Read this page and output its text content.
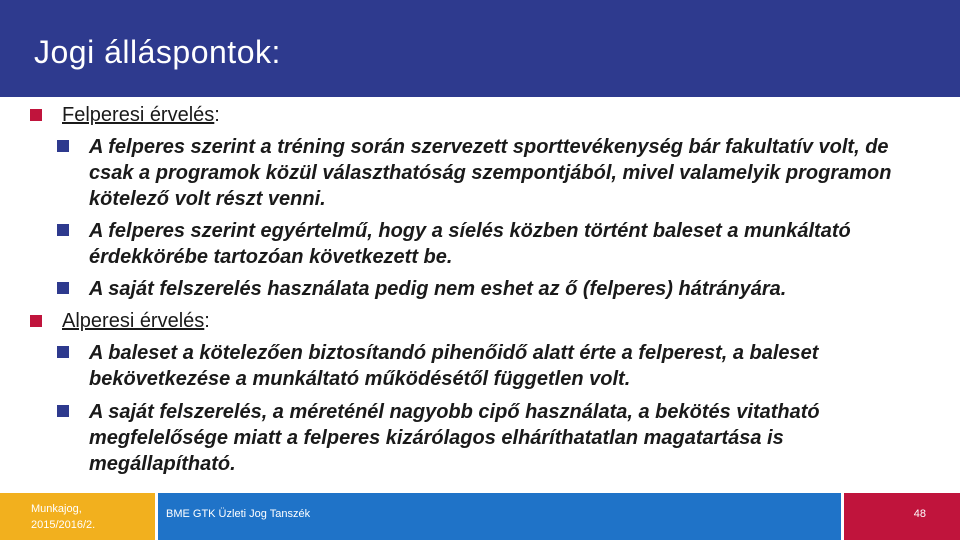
Jogi álláspontok:
Felperesi érvelés:
A felperes szerint a tréning során szervezett sporttevékenység bár fakultatív volt, de csak a programok közül választhatóság szempontjából, mivel valamelyik programon kötelező volt részt venni.
A felperes szerint egyértelmű, hogy a síelés közben történt baleset a munkáltató érdekkörébe tartozóan következett be.
A saját felszerelés használata pedig nem eshet az ő (felperes) hátrányára.
Alperesi érvelés:
A baleset a kötelezően biztosítandó pihenőidő alatt érte a felperest, a baleset bekövetkezése a munkáltató működésétől független volt.
A saját felszerelés, a méreténél nagyobb cipő használata, a bekötés vitatható megfelelősége miatt a felperes kizárólagos elháríthatatlan magatartása is megállapítható.
Munkajog, 2015/2016/2.
BME GTK Üzleti Jog Tanszék	48
